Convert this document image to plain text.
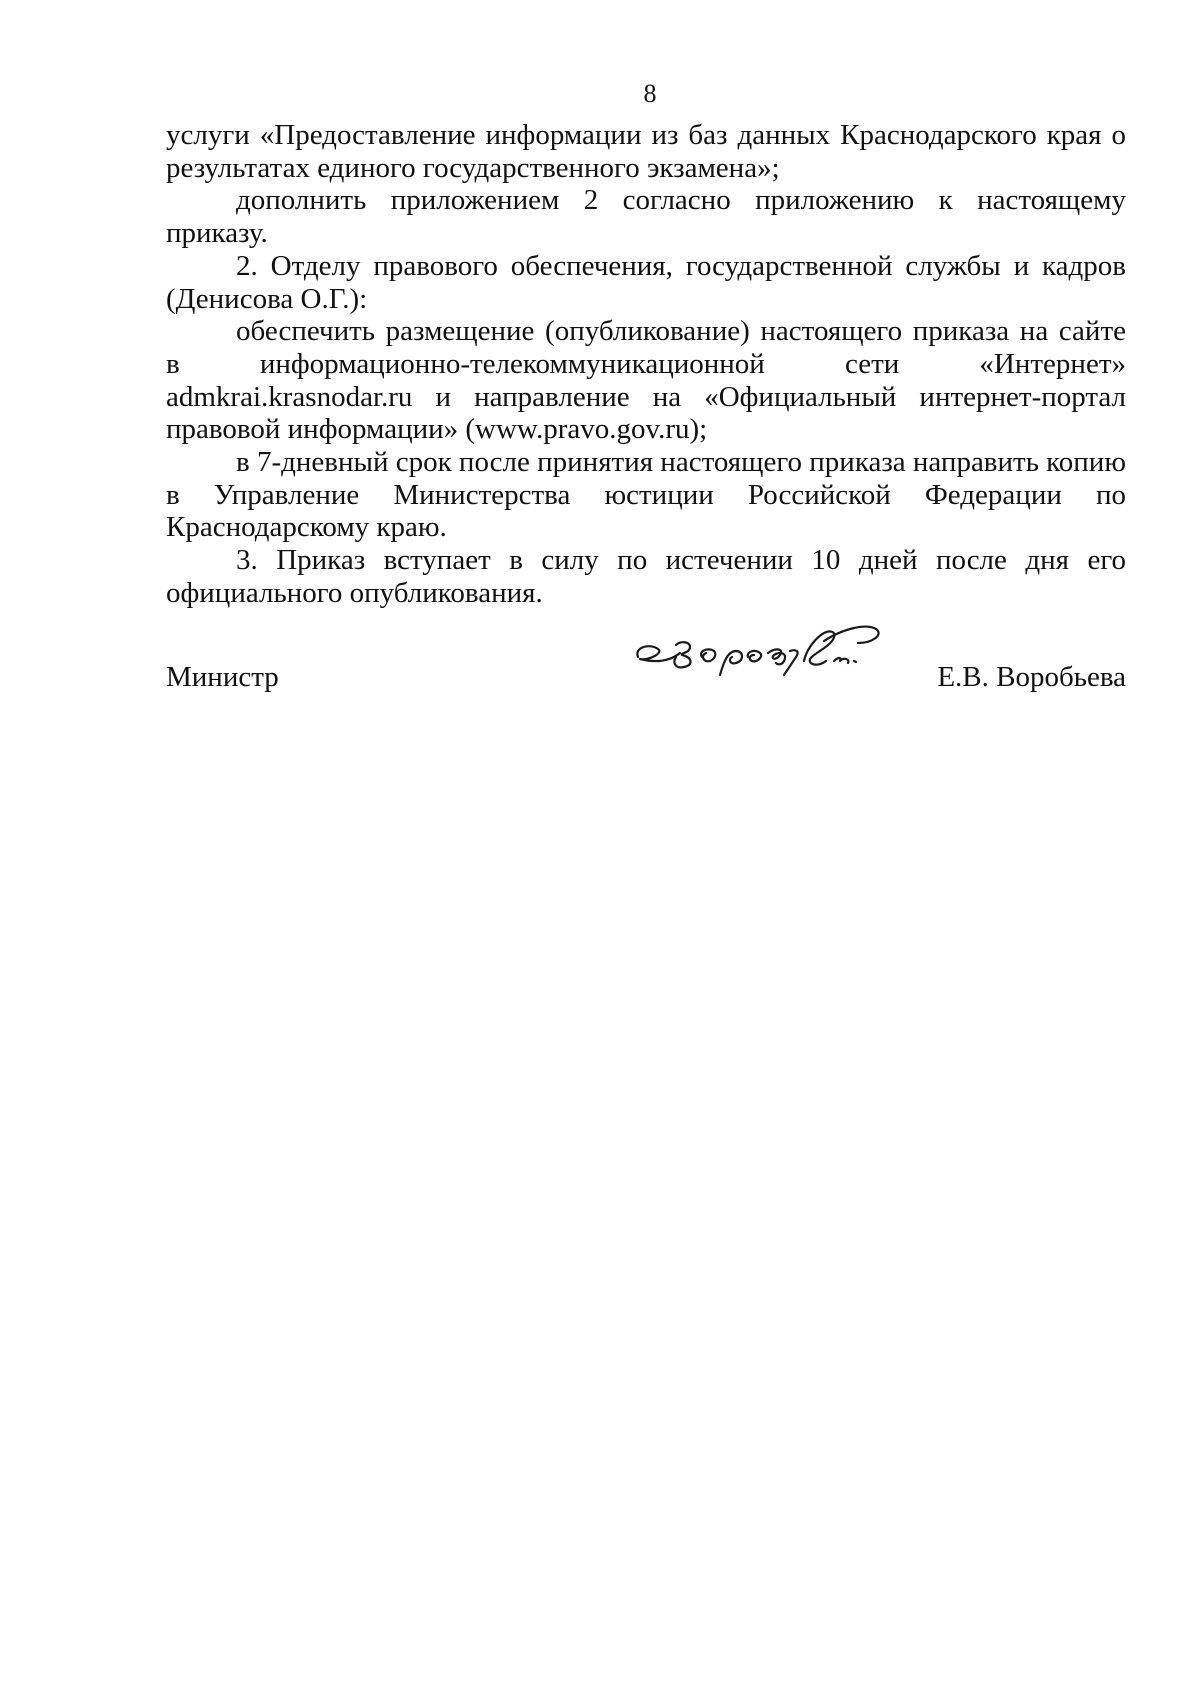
8

услуги «Предоставление информации из баз данных Краснодарского края о результатах единого государственного экзамена»;

дополнить приложением 2 согласно приложению к настоящему приказу.

2. Отделу правового обеспечения, государственной службы и кадров (Денисова О.Г.):

обеспечить размещение (опубликование) настоящего приказа на сайте в информационно-телекоммуникационной сети «Интернет» admkrai.krasnodar.ru и направление на «Официальный интернет-портал правовой информации» (www.pravo.gov.ru);

в 7-дневный срок после принятия настоящего приказа направить копию в Управление Министерства юстиции Российской Федерации по Краснодарскому краю.

3. Приказ вступает в силу по истечении 10 дней после дня его официального опубликования.

Министр	Е.В. Воробьева
